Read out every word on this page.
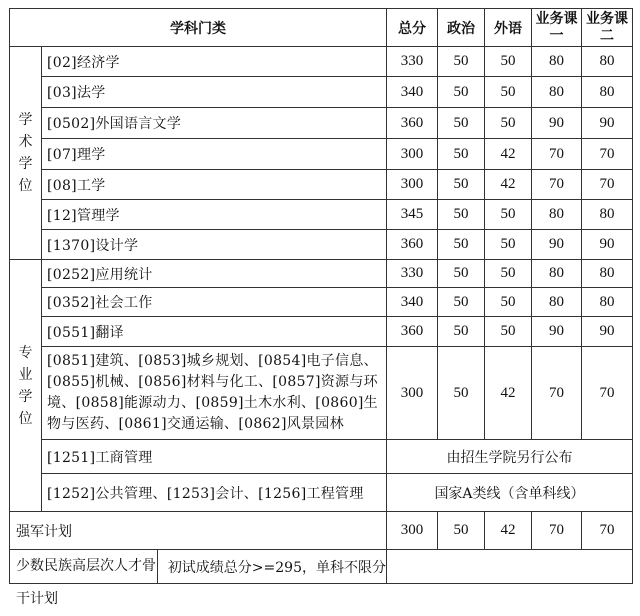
学科门类		总分	政治	外语	业务课一	业务课二

学术学位	[02]经济学	330	50	50	80	80
	[03]法学	340	50	50	80	80
	[0502]外国语言文学	360	50	50	90	90
	[07]理学	300	50	42	70	70
	[08]工学	300	50	42	70	70
	[12]管理学	345	50	50	80	80
	[1370]设计学	360	50	50	90	90

专业学位	[0252]应用统计	330	50	50	80	80
	[0352]社会工作	340	50	50	80	80
	[0551]翻译	360	50	50	90	90
	[0851]建筑、[0853]城乡规划、[0854]电子信息、[0855]机械、[0856]材料与化工、[0857]资源与环境、[0858]能源动力、[0859]土木水利、[0860]生物与医药、[0861]交通运输、[0862]风景园林	300	50	42	70	70
	[1251]工商管理	由招生学院另行公布				
	[1252]公共管理、[1253]会计、[1256]工程管理	国家A类线（含单科线）				
强军计划		300	50	42	70	70

少数民族高层次人才骨干计划
初试成绩总分>=295，单科不限分						
